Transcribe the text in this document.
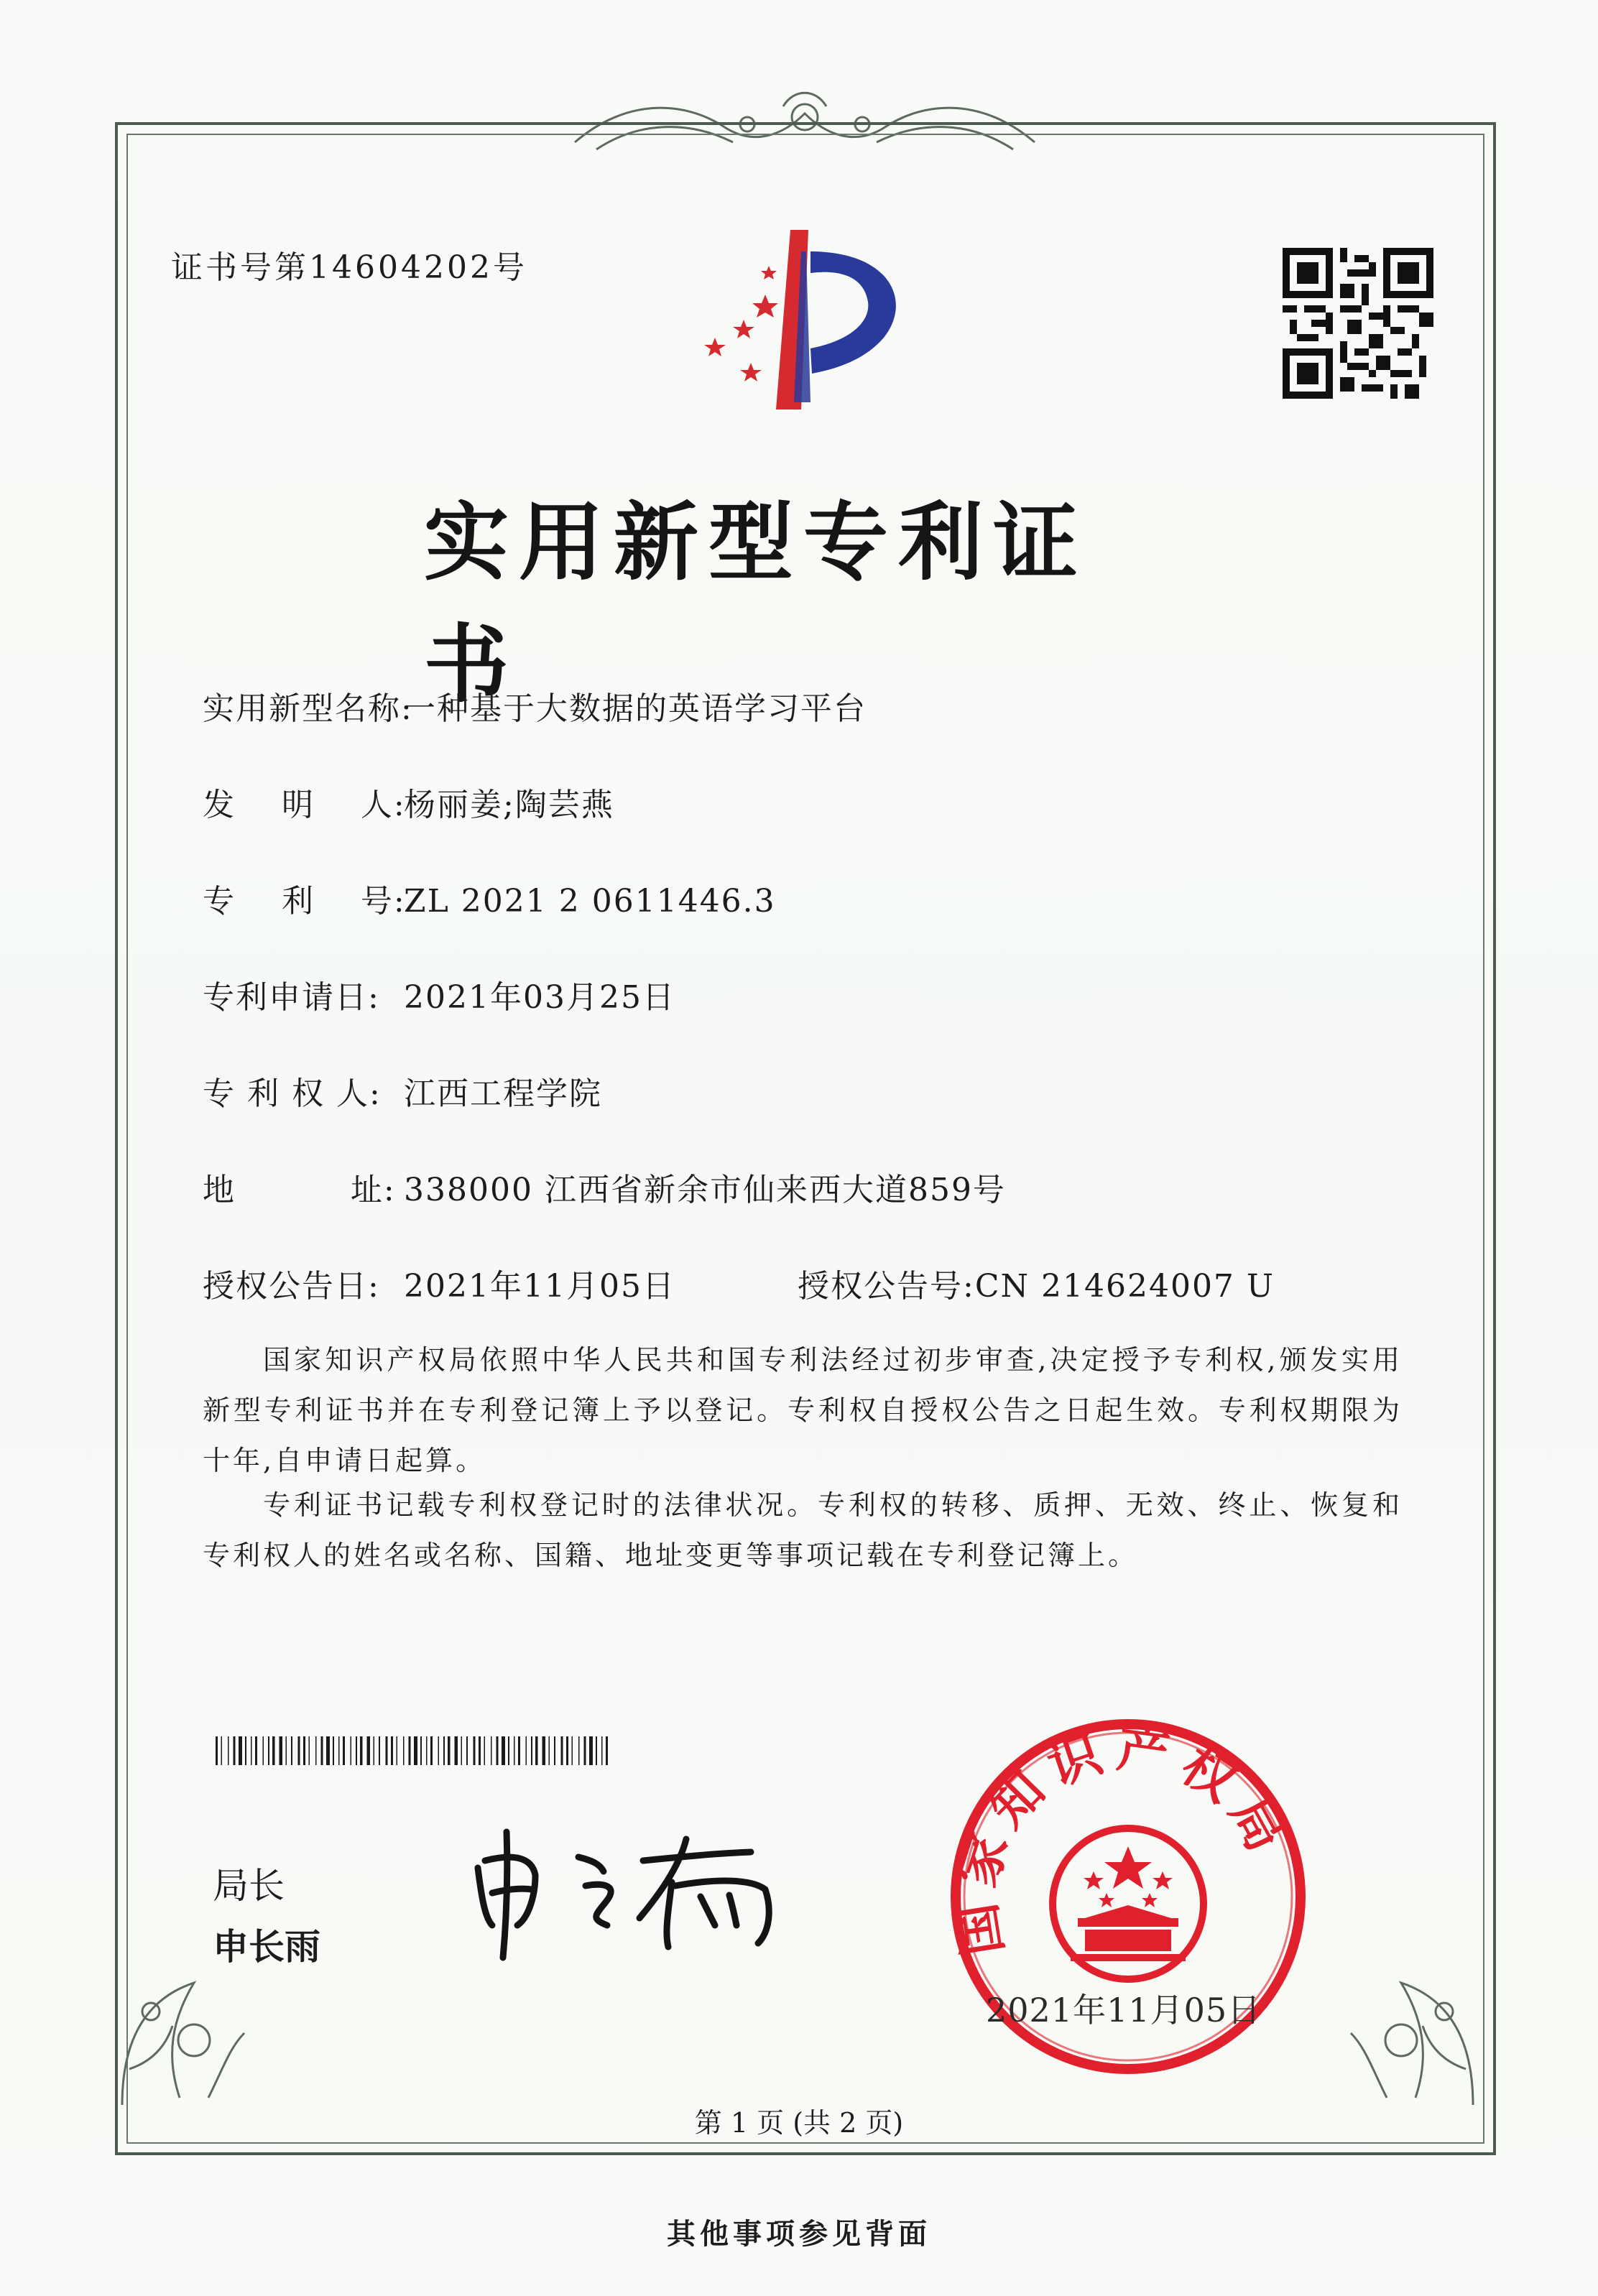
证书号第14604202号
实用新型专利证书
实用新型名称:一种基于大数据的英语学习平台
发    明    人:杨丽姜;陶芸燕
专    利    号:ZL 2021 2 0611446.3
专利申请日: 2021年03月25日
专 利 权 人: 江西工程学院
地          址: 338000 江西省新余市仙来西大道859号
授权公告日: 2021年11月05日	授权公告号:CN 214624007 U
国家知识产权局依照中华人民共和国专利法经过初步审查,决定授予专利权,颁发实用新型专利证书并在专利登记簿上予以登记。专利权自授权公告之日起生效。专利权期限为十年,自申请日起算。
专利证书记载专利权登记时的法律状况。专利权的转移、质押、无效、终止、恢复和专利权人的姓名或名称、国籍、地址变更等事项记载在专利登记簿上。
局长
申长雨	国家知识产权局
2021年11月05日
第 1 页 (共 2 页)
其他事项参见背面
